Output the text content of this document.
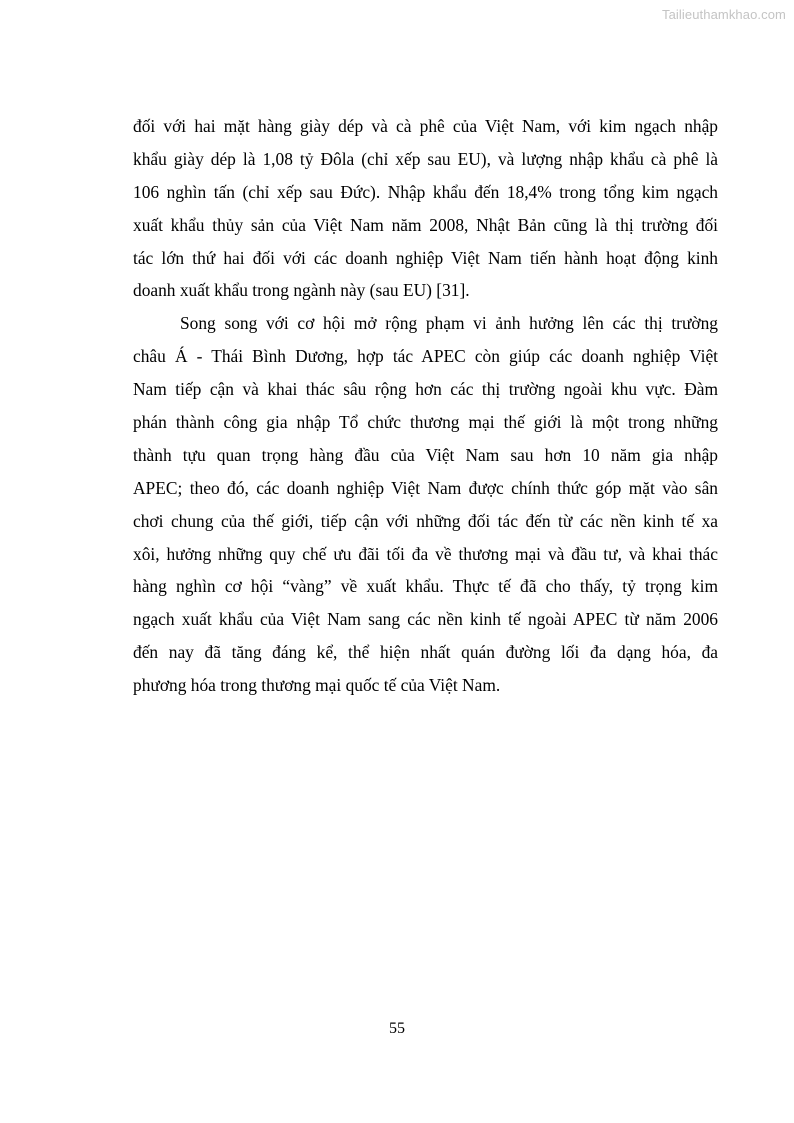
Tailieuthamkhao.com
đối với hai mặt hàng giày dép và cà phê của Việt Nam, với kim ngạch nhập
khẩu giày dép là 1,08 tỷ Đôla (chỉ xếp sau EU), và lượng nhập khẩu cà phê là
106 nghìn tấn (chỉ xếp sau Đức). Nhập khẩu đến 18,4% trong tổng kim ngạch
xuất khẩu thủy sản của Việt Nam năm 2008, Nhật Bản cũng là thị trường đối
tác lớn thứ hai đối với các doanh nghiệp Việt Nam tiến hành hoạt động kinh
doanh xuất khẩu trong ngành này (sau EU) [31].
Song song với cơ hội mở rộng phạm vi ảnh hưởng lên các thị trường
châu Á - Thái Bình Dương, hợp tác APEC còn giúp các doanh nghiệp Việt
Nam tiếp cận và khai thác sâu rộng hơn các thị trường ngoài khu vực. Đàm
phán thành công gia nhập Tổ chức thương mại thế giới là một trong những
thành tựu quan trọng hàng đầu của Việt Nam sau hơn 10 năm gia nhập
APEC; theo đó, các doanh nghiệp Việt Nam được chính thức góp mặt vào sân
chơi chung của thế giới, tiếp cận với những đối tác đến từ các nền kinh tế xa
xôi, hưởng những quy chế ưu đãi tối đa về thương mại và đầu tư, và khai thác
hàng nghìn cơ hội “vàng” về xuất khẩu. Thực tế đã cho thấy, tỷ trọng kim
ngạch xuất khẩu của Việt Nam sang các nền kinh tế ngoài APEC từ năm 2006
đến nay đã tăng đáng kể, thể hiện nhất quán đường lối đa dạng hóa, đa
phương hóa trong thương mại quốc tế của Việt Nam.
55
